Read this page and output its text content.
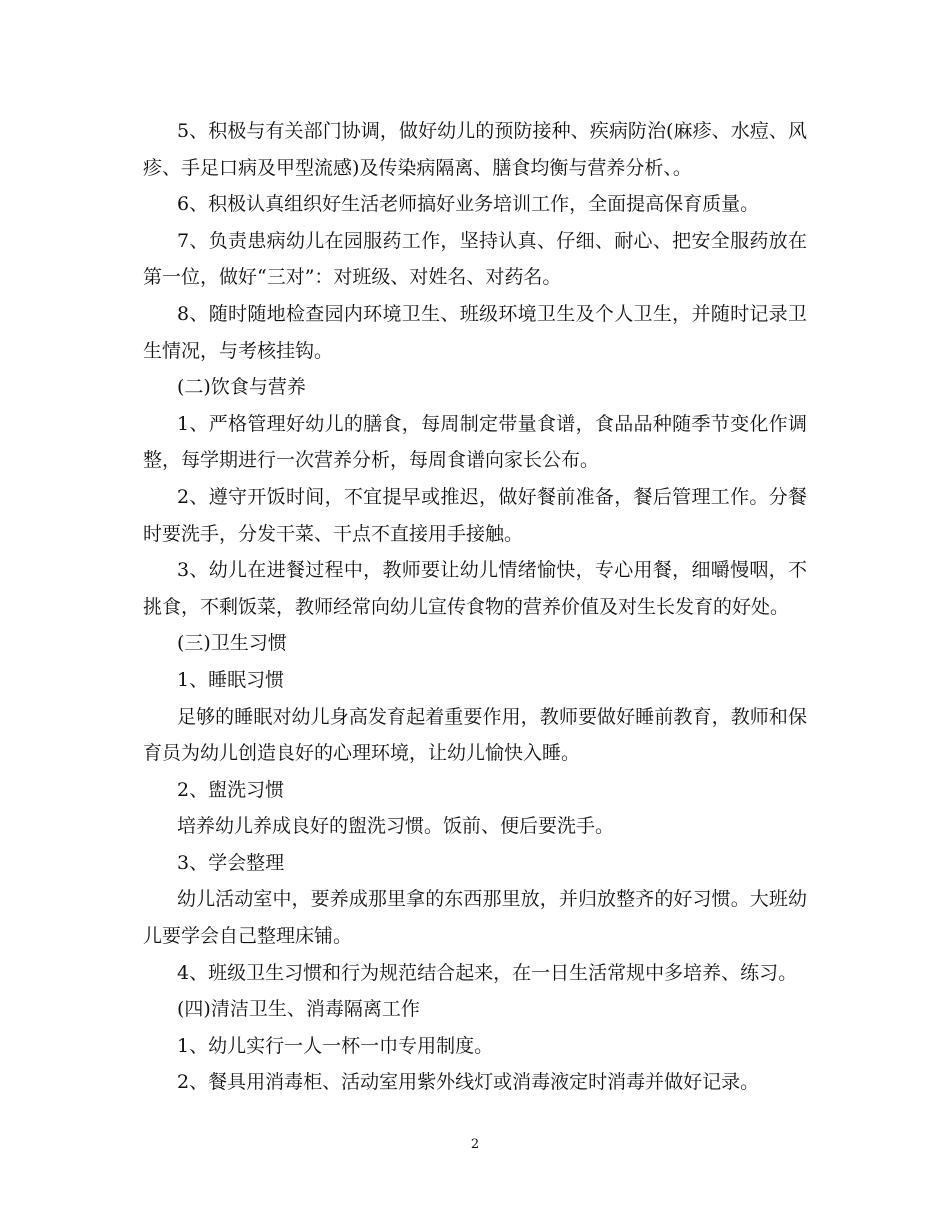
5、积极与有关部门协调，做好幼儿的预防接种、疾病防治(麻疹、水痘、风疹、手足口病及甲型流感)及传染病隔离、膳食均衡与营养分析、。

6、积极认真组织好生活老师搞好业务培训工作，全面提高保育质量。

7、负责患病幼儿在园服药工作，坚持认真、仔细、耐心、把安全服药放在第一位，做好“三对”：对班级、对姓名、对药名。

8、随时随地检查园内环境卫生、班级环境卫生及个人卫生，并随时记录卫生情况，与考核挂钩。

(二)饮食与营养

1、严格管理好幼儿的膳食，每周制定带量食谱，食品品种随季节变化作调整，每学期进行一次营养分析，每周食谱向家长公布。

2、遵守开饭时间，不宜提早或推迟，做好餐前准备，餐后管理工作。分餐时要洗手，分发干菜、干点不直接用手接触。

3、幼儿在进餐过程中，教师要让幼儿情绪愉快，专心用餐，细嚼慢咽，不挑食，不剩饭菜，教师经常向幼儿宣传食物的营养价值及对生长发育的好处。

(三)卫生习惯

1、睡眠习惯

足够的睡眠对幼儿身高发育起着重要作用，教师要做好睡前教育，教师和保育员为幼儿创造良好的心理环境，让幼儿愉快入睡。

2、盥洗习惯

培养幼儿养成良好的盥洗习惯。饭前、便后要洗手。

3、学会整理

幼儿活动室中，要养成那里拿的东西那里放，并归放整齐的好习惯。大班幼儿要学会自己整理床铺。

4、班级卫生习惯和行为规范结合起来，在一日生活常规中多培养、练习。

(四)清洁卫生、消毒隔离工作

1、幼儿实行一人一杯一巾专用制度。

2、餐具用消毒柜、活动室用紫外线灯或消毒液定时消毒并做好记录。

2
